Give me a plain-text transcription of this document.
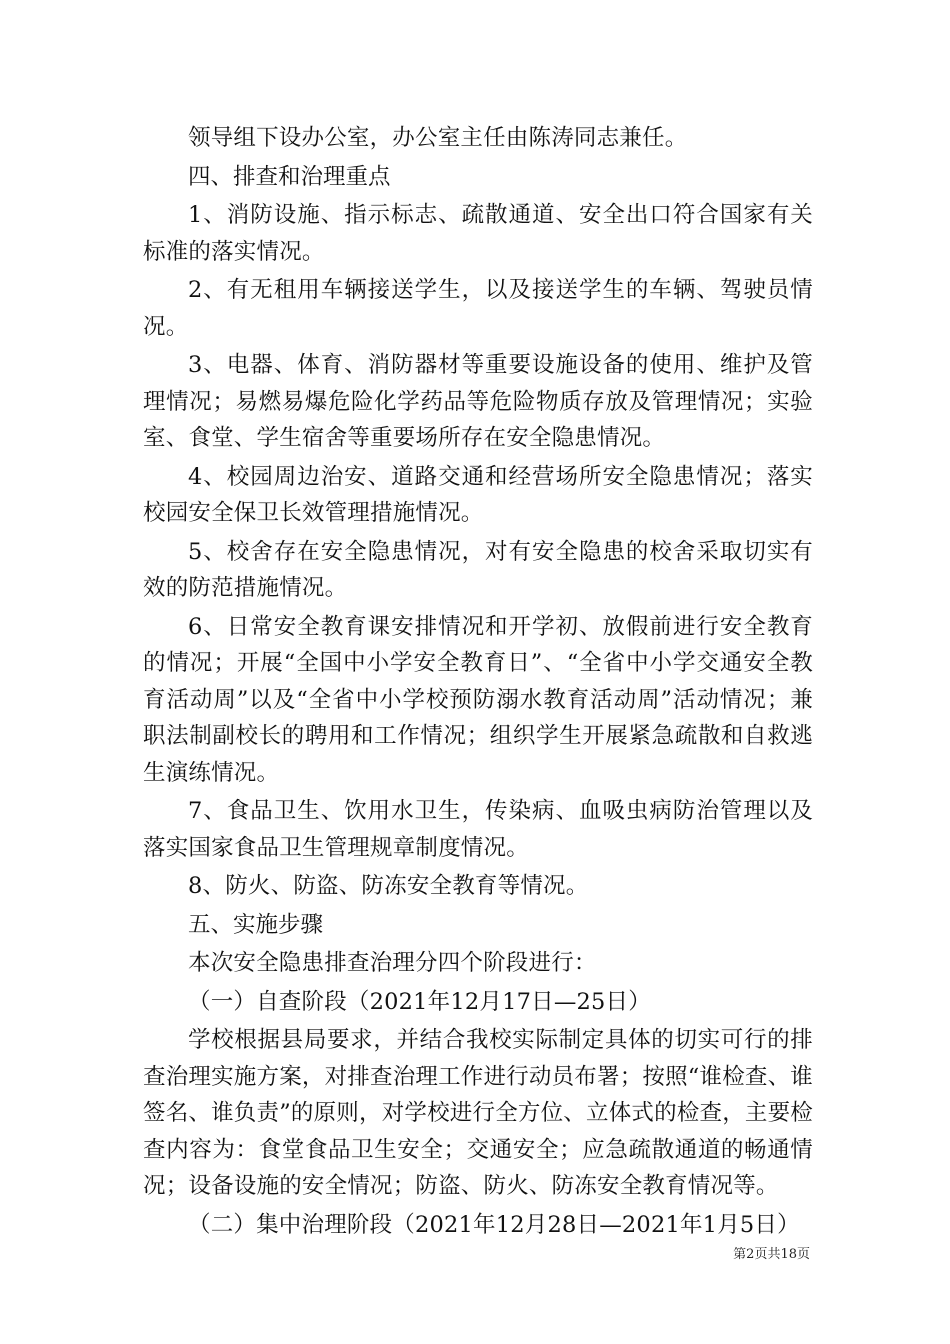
领导组下设办公室，办公室主任由陈涛同志兼任。

四、排查和治理重点

1、消防设施、指示标志、疏散通道、安全出口符合国家有关标准的落实情况。

2、有无租用车辆接送学生，以及接送学生的车辆、驾驶员情况。

3、电器、体育、消防器材等重要设施设备的使用、维护及管理情况；易燃易爆危险化学药品等危险物质存放及管理情况；实验室、食堂、学生宿舍等重要场所存在安全隐患情况。

4、校园周边治安、道路交通和经营场所安全隐患情况；落实校园安全保卫长效管理措施情况。

5、校舍存在安全隐患情况，对有安全隐患的校舍采取切实有效的防范措施情况。

6、日常安全教育课安排情况和开学初、放假前进行安全教育的情况；开展“全国中小学安全教育日”、“全省中小学交通安全教育活动周”以及“全省中小学校预防溺水教育活动周”活动情况；兼职法制副校长的聘用和工作情况；组织学生开展紧急疏散和自救逃生演练情况。

7、食品卫生、饮用水卫生，传染病、血吸虫病防治管理以及落实国家食品卫生管理规章制度情况。

8、防火、防盗、防冻安全教育等情况。

五、实施步骤

本次安全隐患排查治理分四个阶段进行：

（一）自查阶段（2021年12月17日—25日）

学校根据县局要求，并结合我校实际制定具体的切实可行的排查治理实施方案，对排查治理工作进行动员布署；按照“谁检查、谁签名、谁负责”的原则，对学校进行全方位、立体式的检查，主要检查内容为：食堂食品卫生安全；交通安全；应急疏散通道的畅通情况；设备设施的安全情况；防盗、防火、防冻安全教育情况等。

（二）集中治理阶段（2021年12月28日—2021年1月5日）

第2页共18页
